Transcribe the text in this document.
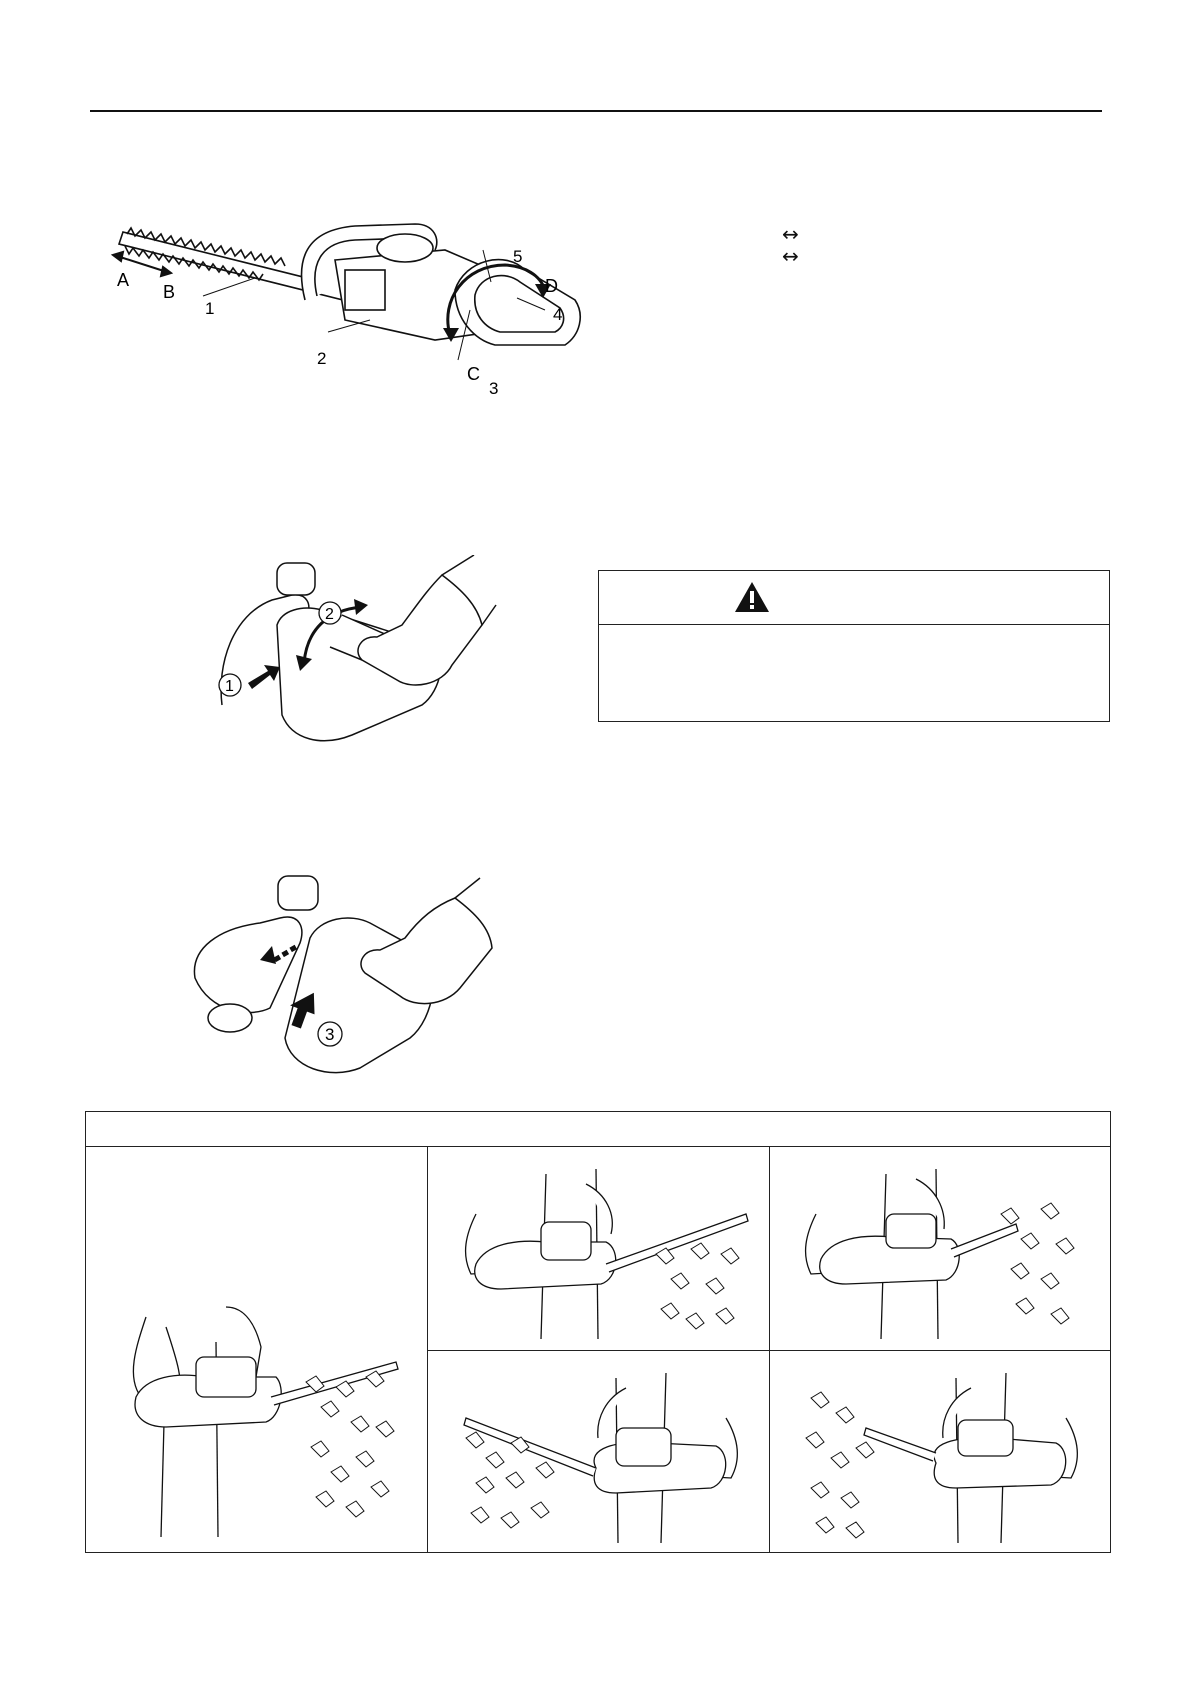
A
B
1
2
3
4
5
C
D
↔
↔
1
2
3
